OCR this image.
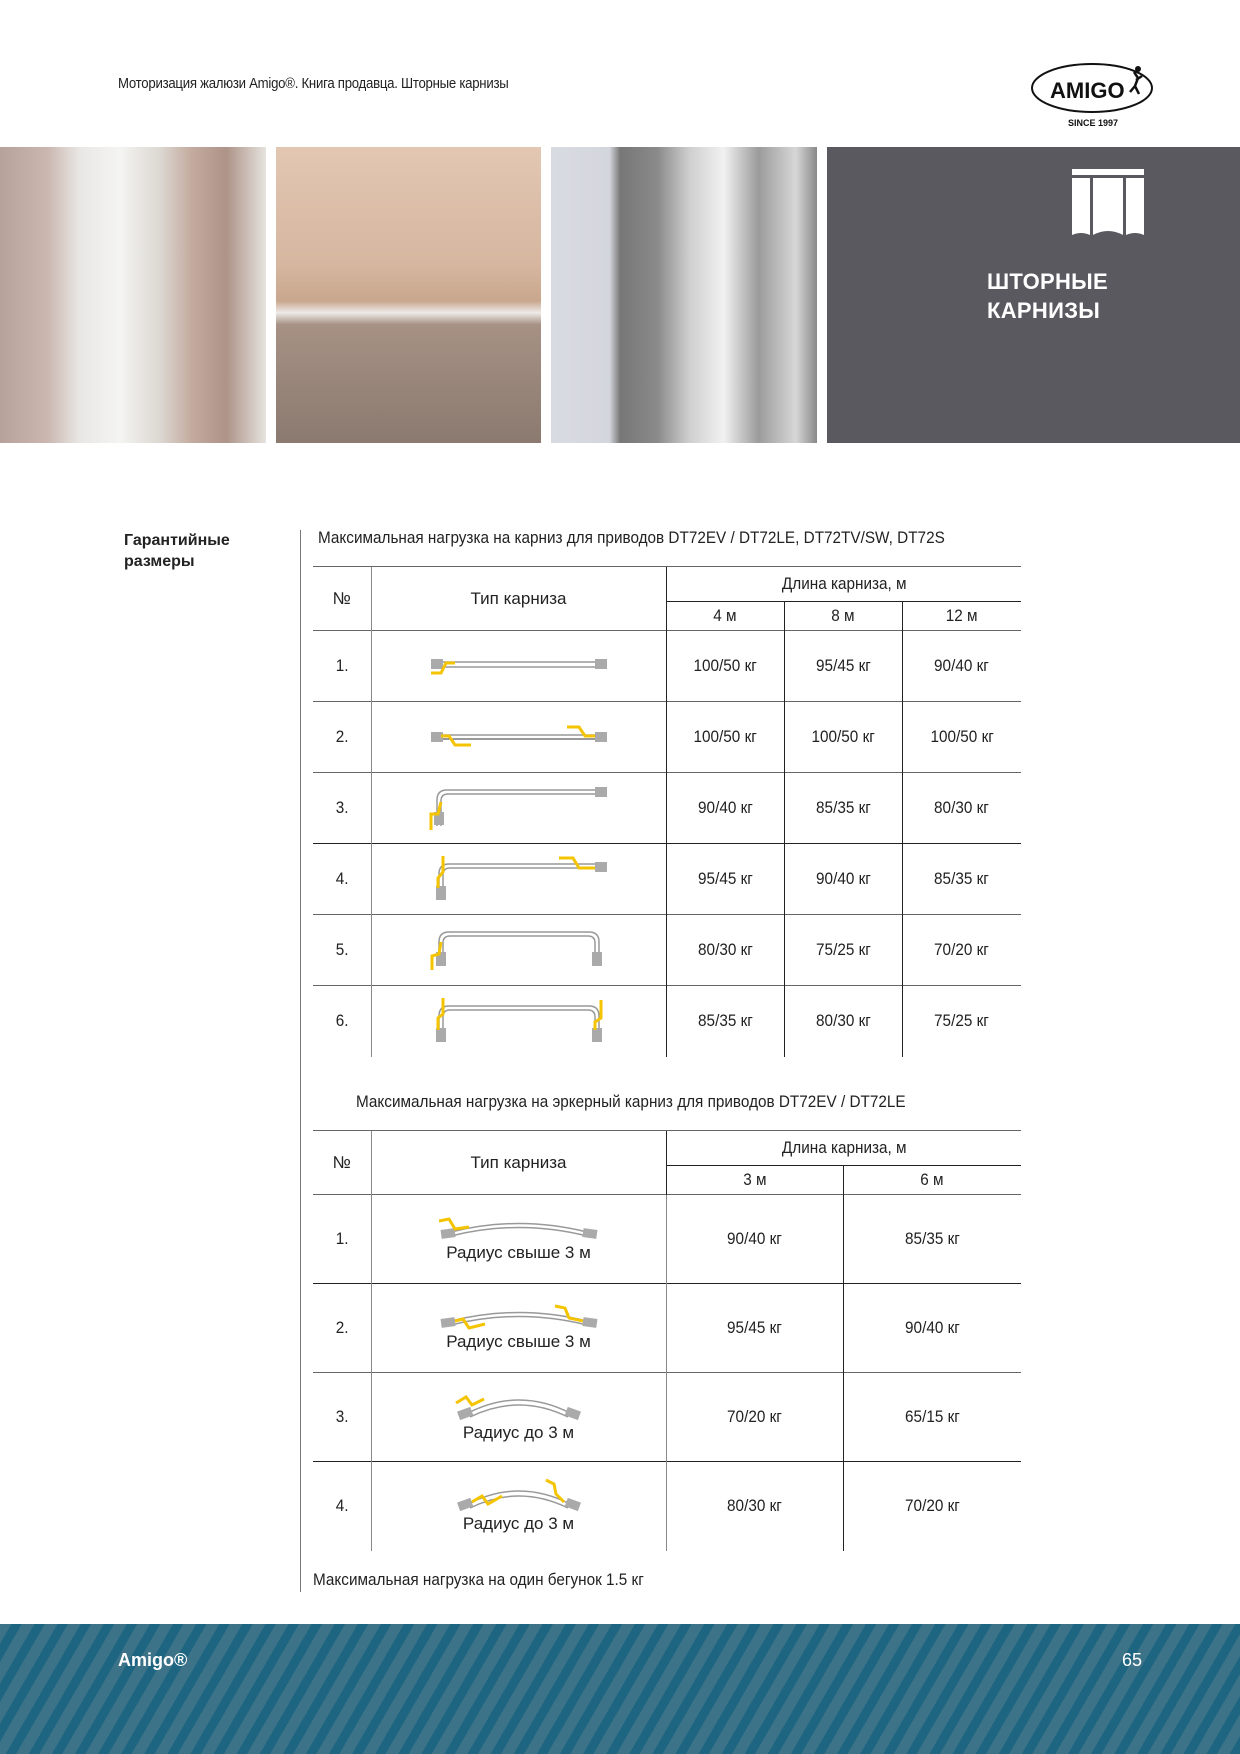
Моторизация жалюзи Amigo®. Книга продавца. Шторные карнизы	AMIGO
SINCE 1997
ШТОРНЫЕ
КАРНИЗЫ
Гарантийные
размеры
Максимальная нагрузка на карниз для приводов DT72EV / DT72LE, DT72TV/SW, DT72S
№	Тип карниза	Длина карниза, м		
		4 м	8 м	12 м
1.		100/50 кг	95/45 кг	90/40 кг
2.		100/50 кг	100/50 кг	100/50 кг
3.		90/40 кг	85/35 кг	80/30 кг
4.		95/45 кг	90/40 кг	85/35 кг
5.		80/30 кг	75/25 кг	70/20 кг
6.		85/35 кг	80/30 кг	75/25 кг
Максимальная нагрузка на эркерный карниз для приводов DT72EV / DT72LE
№	Тип карниза	Длина карниза, м	
		3 м	6 м
1.	Радиус свыше 3 м	90/40 кг	85/35 кг
2.	Радиус свыше 3 м	95/45 кг	90/40 кг
3.	Радиус до 3 м	70/20 кг	65/15 кг
4.	Радиус до 3 м	80/30 кг	70/20 кг
Максимальная нагрузка на один бегунок 1.5 кг
Amigo®	65
